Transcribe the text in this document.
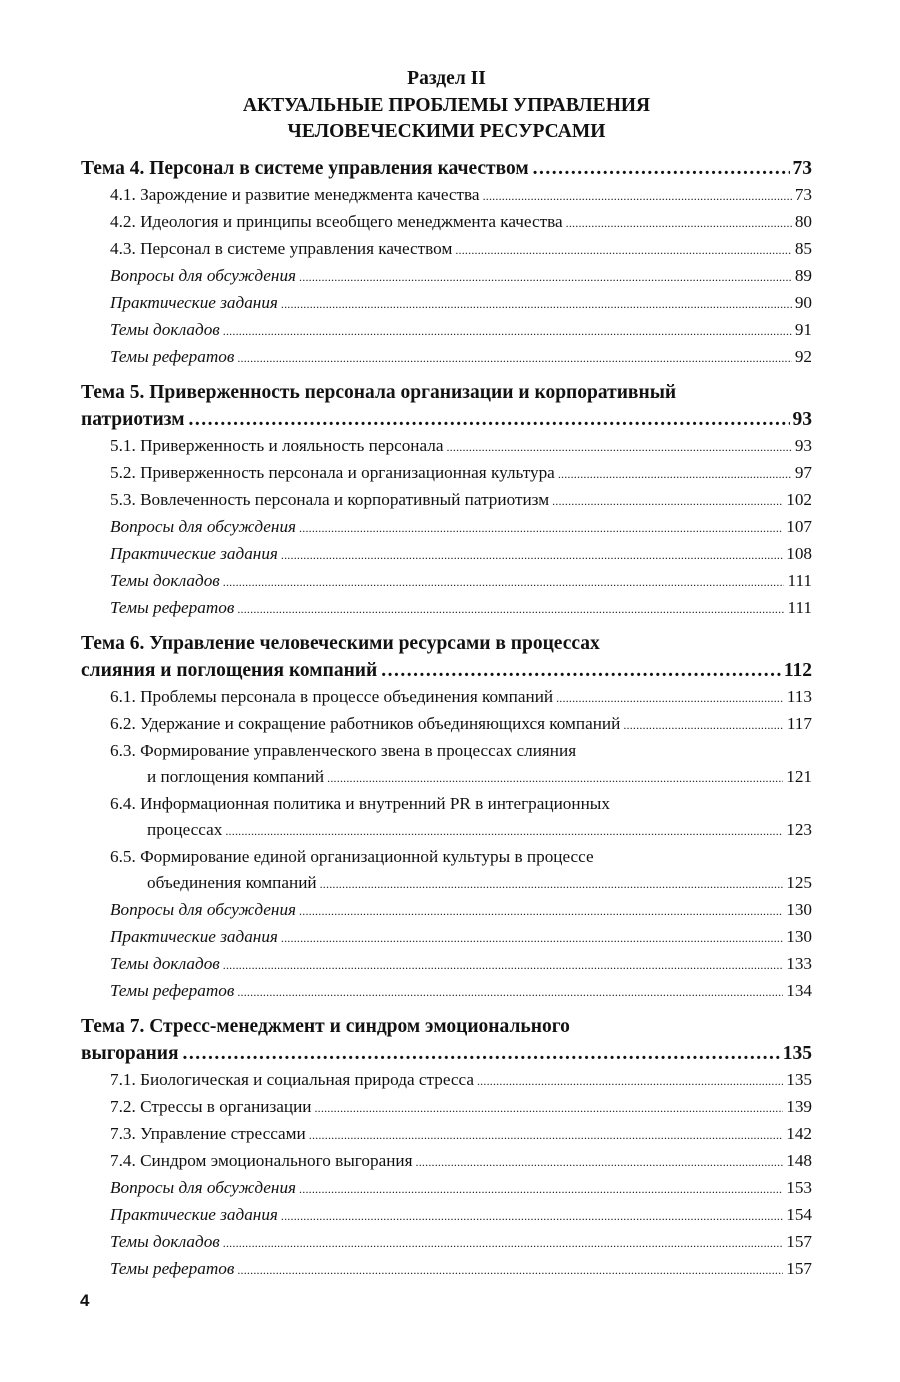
Раздел II
АКТУАЛЬНЫЕ ПРОБЛЕМЫ УПРАВЛЕНИЯ
ЧЕЛОВЕЧЕСКИМИ РЕСУРСАМИ
Тема 4. Персонал в системе управления качеством .....	73
4.1. Зарождение и развитие менеджмента качества .....	73
4.2. Идеология и принципы всеобщего менеджмента качества .....	80
4.3. Персонал в системе управления качеством .....	85
Вопросы для обсуждения .....	89
Практические задания .....	90
Темы докладов .....	91
Темы рефератов .....	92
Тема 5. Приверженность персонала организации и корпоративный
патриотизм .....	93
5.1. Приверженность и лояльность персонала .....	93
5.2. Приверженность персонала и организационная культура .....	97
5.3. Вовлеченность персонала и корпоративный патриотизм .....	102
Вопросы для обсуждения .....	107
Практические задания .....	108
Темы докладов .....	111
Темы рефератов .....	111
Тема 6. Управление человеческими ресурсами в процессах
слияния и поглощения компаний .....	112
6.1. Проблемы персонала в процессе объединения компаний .....	113
6.2. Удержание и сокращение работников объединяющихся компаний .....	117
6.3. Формирование управленческого звена в процессах слияния
и поглощения компаний .....	121
6.4. Информационная политика и внутренний PR в интеграционных
процессах .....	123
6.5. Формирование единой организационной культуры в процессе
объединения компаний .....	125
Вопросы для обсуждения .....	130
Практические задания .....	130
Темы докладов .....	133
Темы рефератов .....	134
Тема 7. Стресс-менеджмент и синдром эмоционального
выгорания .....	135
7.1. Биологическая и социальная природа стресса .....	135
7.2. Стрессы в организации .....	139
7.3. Управление стрессами .....	142
7.4. Синдром эмоционального выгорания .....	148
Вопросы для обсуждения .....	153
Практические задания .....	154
Темы докладов .....	157
Темы рефератов .....	157
4
